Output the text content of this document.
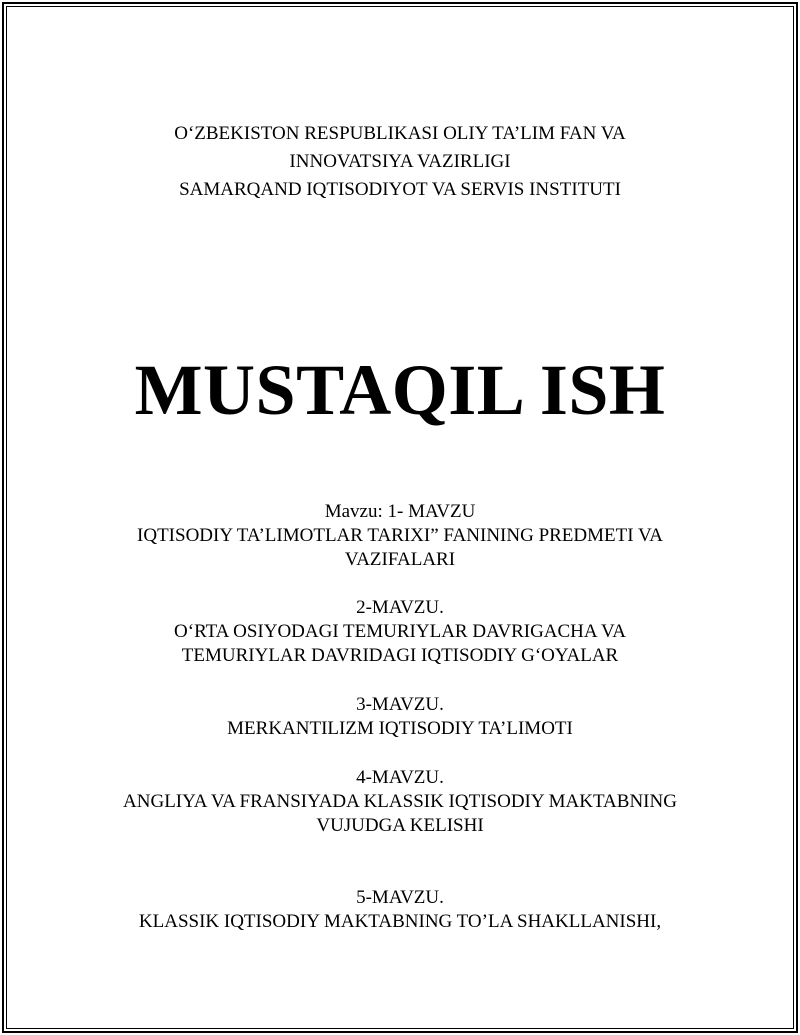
O‘ZBEKISTON RESPUBLIKASI OLIY TA’LIM FAN VA
INNOVATSIYA VAZIRLIGI
SAMARQAND IQTISODIYOT VA SERVIS INSTITUTI
MUSTAQIL ISH
Mavzu: 1- MAVZU
IQTISODIY TA’LIMOTLAR TARIXI” FANINING PREDMETI VA
VAZIFALARI
2-MAVZU.
O‘RTA OSIYODAGI TEMURIYLAR DAVRIGACHA VA
TEMURIYLAR DAVRIDAGI IQTISODIY G‘OYALAR
3-MAVZU.
MERKANTILIZM IQTISODIY TA’LIMOTI
4-MAVZU.
ANGLIYA VA FRANSIYADA KLASSIK IQTISODIY MAKTABNING
VUJUDGA KELISHI
5-MAVZU.
KLASSIK IQTISODIY MAKTABNING TO’LA SHAKLLANISHI,
